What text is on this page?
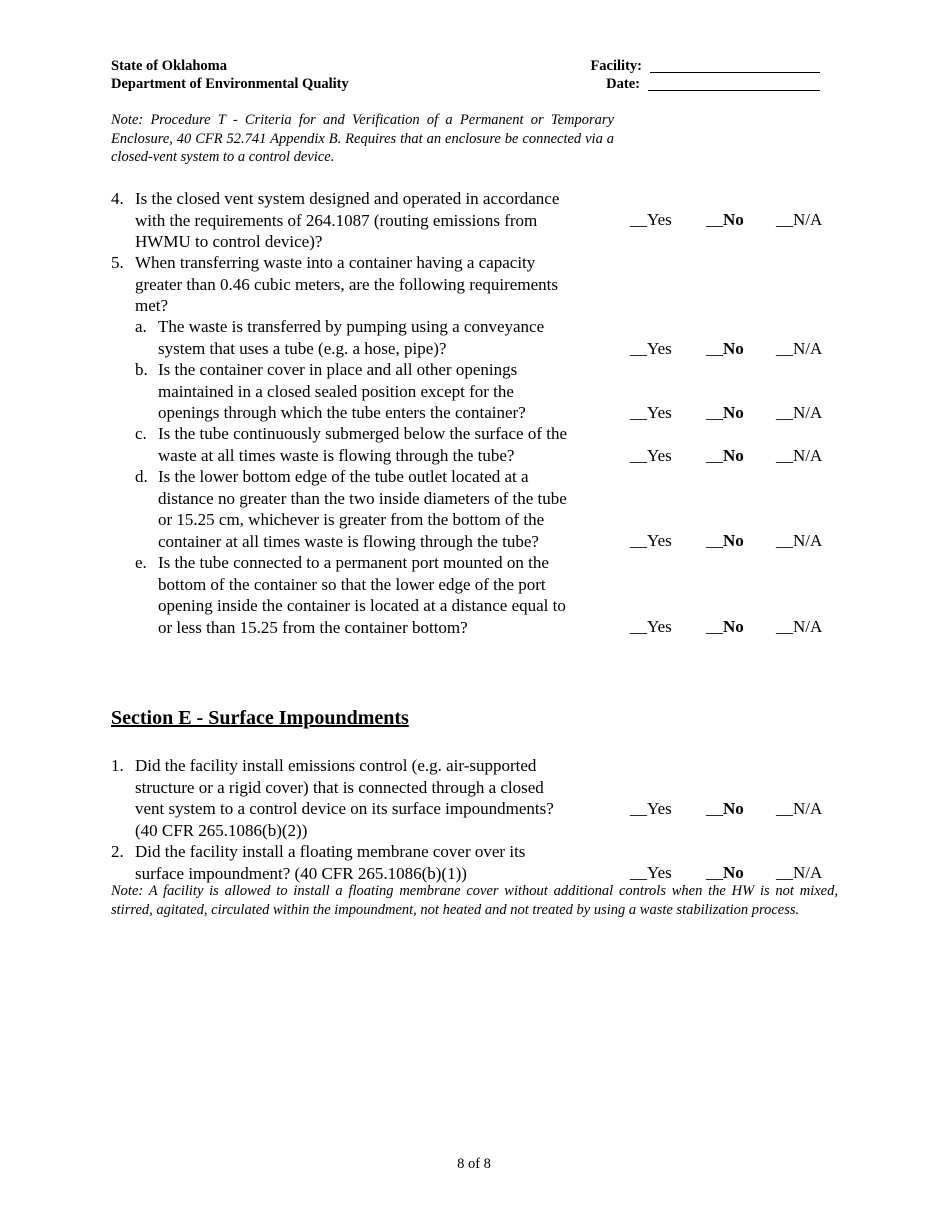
State of Oklahoma
Department of Environmental Quality
Facility:
Date:
Note: Procedure T - Criteria for and Verification of a Permanent or Temporary Enclosure, 40 CFR 52.741 Appendix B. Requires that an enclosure be connected via a closed-vent system to a control device.
4. Is the closed vent system designed and operated in accordance
with the requirements of 264.1087 (routing emissions from
HWMU to control device)?
5. When transferring waste into a container having a capacity
greater than 0.46 cubic meters, are the following requirements
met?
a. The waste is transferred by pumping using a conveyance
system that uses a tube (e.g. a hose, pipe)?
b. Is the container cover in place and all other openings
maintained in a closed sealed position except for the
openings through which the tube enters the container?
c. Is the tube continuously submerged below the surface of the
waste at all times waste is flowing through the tube?
d. Is the lower bottom edge of the tube outlet located at a
distance no greater than the two inside diameters of the tube
or 15.25 cm, whichever is greater from the bottom of the
container at all times waste is flowing through the tube?
e. Is the tube connected to a permanent port mounted on the
bottom of the container so that the lower edge of the port
opening inside the container is located at a distance equal to
or less than 15.25 from the container bottom?
Section E - Surface Impoundments
1. Did the facility install emissions control (e.g. air-supported
structure or a rigid cover) that is connected through a closed
vent system to a control device on its surface impoundments?
(40 CFR 265.1086(b)(2))
2. Did the facility install a floating membrane cover over its
surface impoundment? (40 CFR 265.1086(b)(1))
Note: A facility is allowed to install a floating membrane cover without additional controls when the HW is not mixed, stirred, agitated, circulated within the impoundment, not heated and not treated by using a waste stabilization process.
__Yes __No __N/A
__Yes __No __N/A
__Yes __No __N/A
__Yes __No __N/A
__Yes __No __N/A
__Yes __No __N/A
__Yes __No __N/A
__Yes __No __N/A
8 of 8
